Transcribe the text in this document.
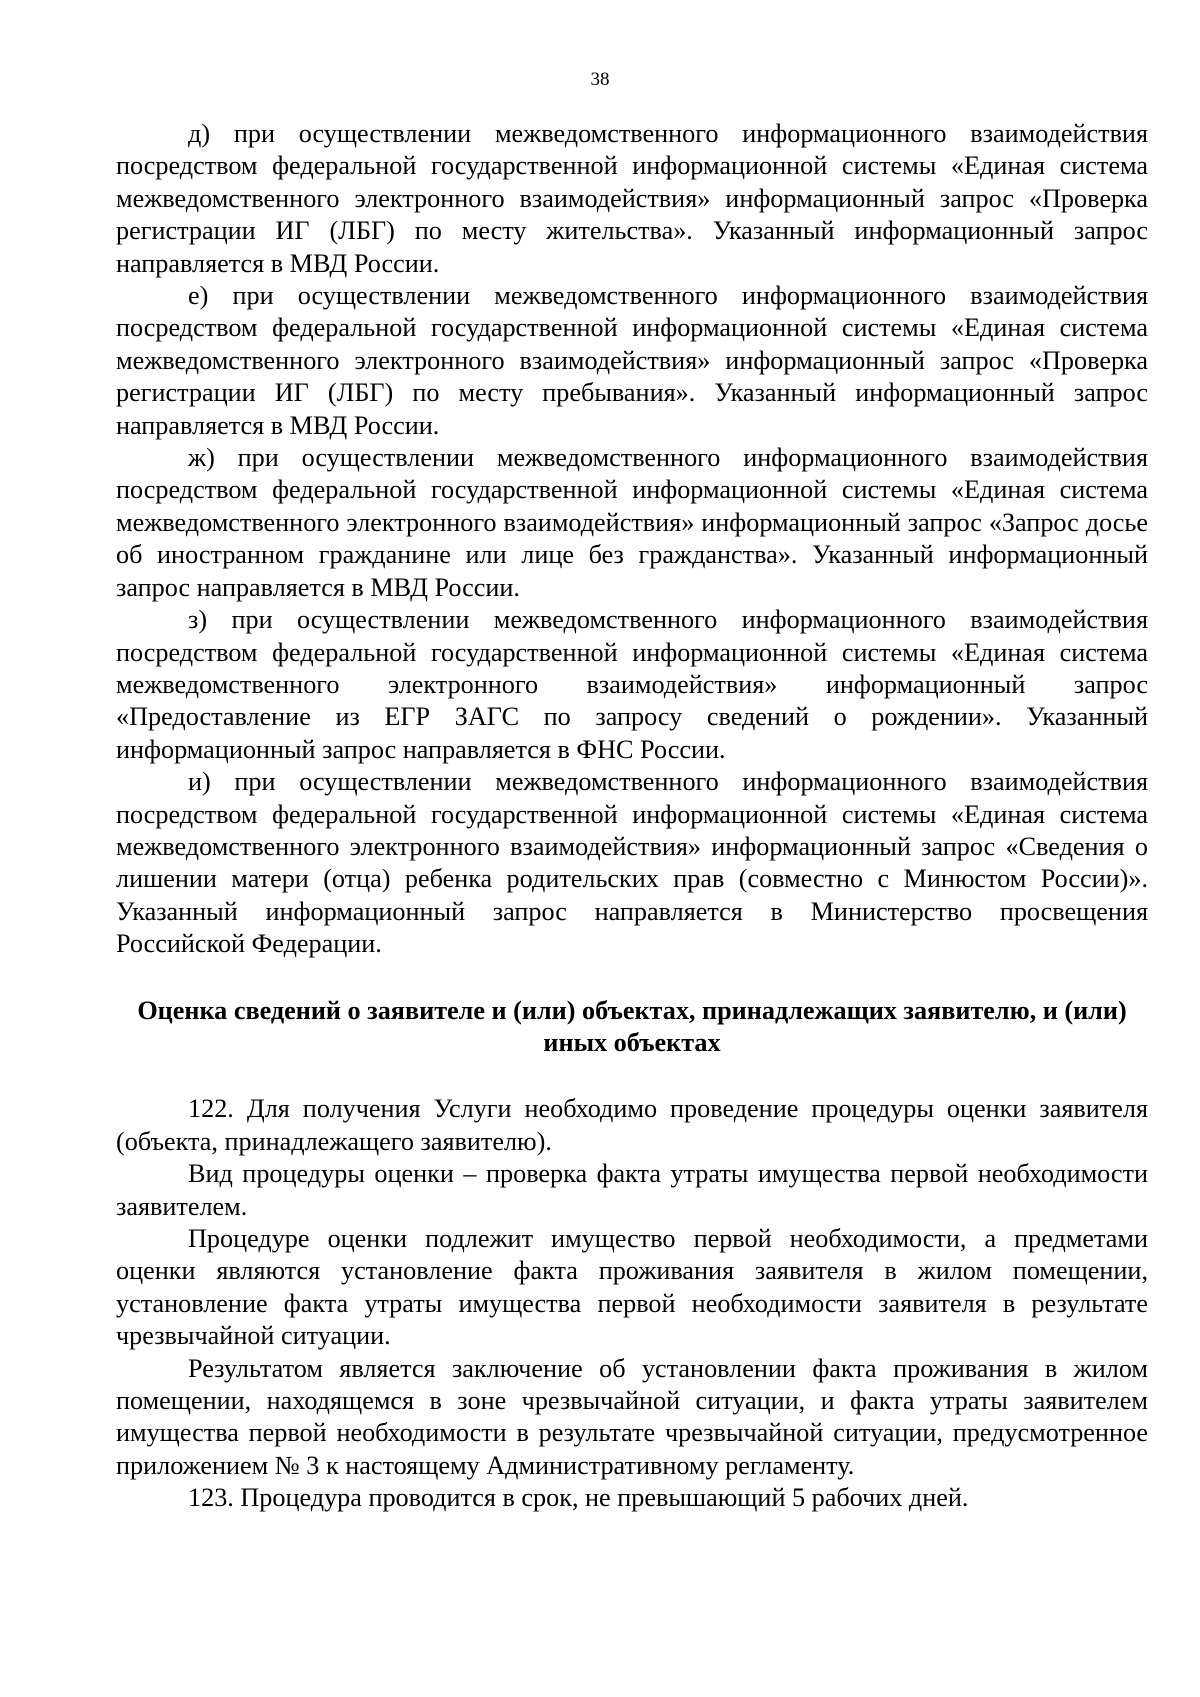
38

д) при осуществлении межведомственного информационного взаимодействия посредством федеральной государственной информационной системы «Единая система межведомственного электронного взаимодействия» информационный запрос «Проверка регистрации ИГ (ЛБГ) по месту жительства». Указанный информационный запрос направляется в МВД России.

е) при осуществлении межведомственного информационного взаимодействия посредством федеральной государственной информационной системы «Единая система межведомственного электронного взаимодействия» информационный запрос «Проверка регистрации ИГ (ЛБГ) по месту пребывания». Указанный информационный запрос направляется в МВД России.

ж) при осуществлении межведомственного информационного взаимодействия посредством федеральной государственной информационной системы «Единая система межведомственного электронного взаимодействия» информационный запрос «Запрос досье об иностранном гражданине или лице без гражданства». Указанный информационный запрос направляется в МВД России.

з) при осуществлении межведомственного информационного взаимодействия посредством федеральной государственной информационной системы «Единая система межведомственного электронного взаимодействия» информационный запрос «Предоставление из ЕГР ЗАГС по запросу сведений о рождении». Указанный информационный запрос направляется в ФНС России.

и) при осуществлении межведомственного информационного взаимодействия посредством федеральной государственной информационной системы «Единая система межведомственного электронного взаимодействия» информационный запрос «Сведения о лишении матери (отца) ребенка родительских прав (совместно с Минюстом России)». Указанный информационный запрос направляется в Министерство просвещения Российской Федерации.

Оценка сведений о заявителе и (или) объектах, принадлежащих заявителю, и (или) иных объектах

122. Для получения Услуги необходимо проведение процедуры оценки заявителя (объекта, принадлежащего заявителю).

Вид процедуры оценки – проверка факта утраты имущества первой необходимости заявителем.

Процедуре оценки подлежит имущество первой необходимости, а предметами оценки являются установление факта проживания заявителя в жилом помещении, установление факта утраты имущества первой необходимости заявителя в результате чрезвычайной ситуации.

Результатом является заключение об установлении факта проживания в жилом помещении, находящемся в зоне чрезвычайной ситуации, и факта утраты заявителем имущества первой необходимости в результате чрезвычайной ситуации, предусмотренное приложением № 3 к настоящему Административному регламенту.

123. Процедура проводится в срок, не превышающий 5 рабочих дней.
